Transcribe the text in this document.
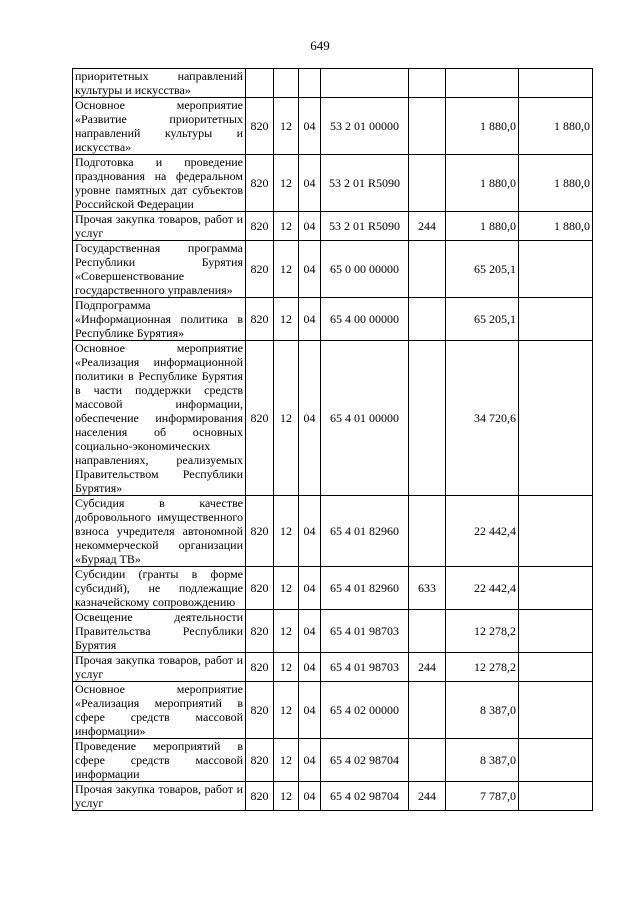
649
приоритетных направлений культуры и искусства»							
Основное мероприятие «Развитие приоритетных направлений культуры и искусства»	820	12	04	53 2 01 00000		1 880,0	1 880,0
Подготовка и проведение празднования на федеральном уровне памятных дат субъектов Российской Федерации	820	12	04	53 2 01 R5090		1 880,0	1 880,0
Прочая закупка товаров, работ и услуг	820	12	04	53 2 01 R5090	244	1 880,0	1 880,0
Государственная программа Республики Бурятия «Совершенствование государственного управления»	820	12	04	65 0 00 00000		65 205,1	
Подпрограмма «Информационная политика в Республике Бурятия»	820	12	04	65 4 00 00000		65 205,1	
Основное мероприятие «Реализация информационной политики в Республике Бурятия в части поддержки средств массовой информации, обеспечение информирования населения об основных социально-экономических направлениях, реализуемых Правительством Республики Бурятия»	820	12	04	65 4 01 00000		34 720,6	
Субсидия в качестве добровольного имущественного взноса учредителя автономной некоммерческой организации «Буряад ТВ»	820	12	04	65 4 01 82960		22 442,4	
Субсидии (гранты в форме субсидий), не подлежащие казначейскому сопровождению	820	12	04	65 4 01 82960	633	22 442,4	
Освещение деятельности Правительства Республики Бурятия	820	12	04	65 4 01 98703		12 278,2	
Прочая закупка товаров, работ и услуг	820	12	04	65 4 01 98703	244	12 278,2	
Основное мероприятие «Реализация мероприятий в сфере средств массовой информации»	820	12	04	65 4 02 00000		8 387,0	
Проведение мероприятий в сфере средств массовой информации	820	12	04	65 4 02 98704		8 387,0	
Прочая закупка товаров, работ и услуг	820	12	04	65 4 02 98704	244	7 787,0	
